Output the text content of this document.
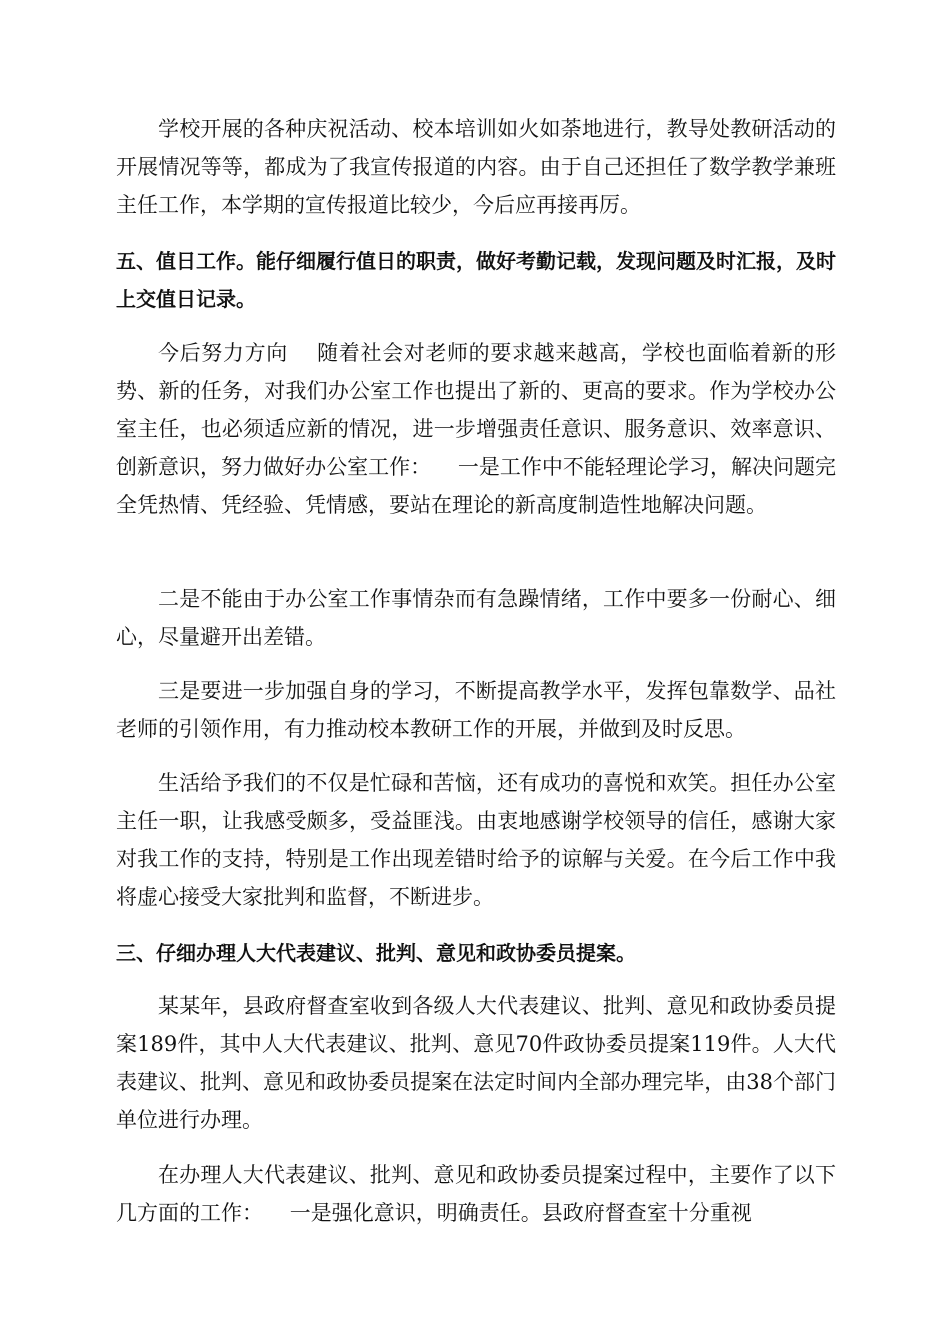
学校开展的各种庆祝活动、校本培训如火如荼地进行，教导处教研活动的开展情况等等，都成为了我宣传报道的内容。由于自己还担任了数学教学兼班主任工作，本学期的宣传报道比较少，今后应再接再厉。

五、值日工作。能仔细履行值日的职责，做好考勤记载，发现问题及时汇报，及时上交值日记录。

今后努力方向    随着社会对老师的要求越来越高，学校也面临着新的形势、新的任务，对我们办公室工作也提出了新的、更高的要求。作为学校办公室主任，也必须适应新的情况，进一步增强责任意识、服务意识、效率意识、创新意识，努力做好办公室工作：    一是工作中不能轻理论学习，解决问题完全凭热情、凭经验、凭情感，要站在理论的新高度制造性地解决问题。

二是不能由于办公室工作事情杂而有急躁情绪，工作中要多一份耐心、细心，尽量避开出差错。

三是要进一步加强自身的学习，不断提高教学水平，发挥包靠数学、品社老师的引领作用，有力推动校本教研工作的开展，并做到及时反思。

生活给予我们的不仅是忙碌和苦恼，还有成功的喜悦和欢笑。担任办公室主任一职，让我感受颇多，受益匪浅。由衷地感谢学校领导的信任，感谢大家对我工作的支持，特别是工作出现差错时给予的谅解与关爱。在今后工作中我将虚心接受大家批判和监督，不断进步。

三、仔细办理人大代表建议、批判、意见和政协委员提案。

某某年，县政府督查室收到各级人大代表建议、批判、意见和政协委员提案189件，其中人大代表建议、批判、意见70件政协委员提案119件。人大代表建议、批判、意见和政协委员提案在法定时间内全部办理完毕，由38个部门单位进行办理。

在办理人大代表建议、批判、意见和政协委员提案过程中，主要作了以下几方面的工作：    一是强化意识，明确责任。县政府督查室十分重视
